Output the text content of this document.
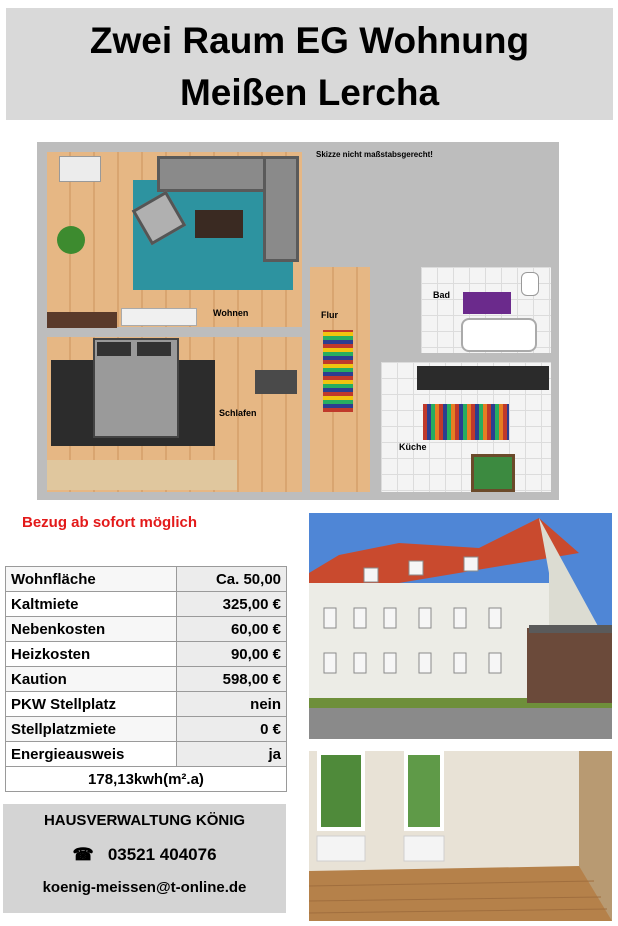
Zwei Raum EG Wohnung
Meißen Lercha
Wohnen
Schlafen
Flur
Bad
Küche
Skizze nicht maßstabsgerecht!
Bezug ab sofort möglich
Wohnfläche	Ca. 50,00
Kaltmiete	325,00 €
Nebenkosten	60,00 €
Heizkosten	90,00 €
Kaution	598,00 €
PKW Stellplatz	nein
Stellplatzmiete	0 €
Energieausweis	ja
178,13kwh(m².a)	
HAUSVERWALTUNG KÖNIG
☎ 03521 404076
koenig-meissen@t-online.de
